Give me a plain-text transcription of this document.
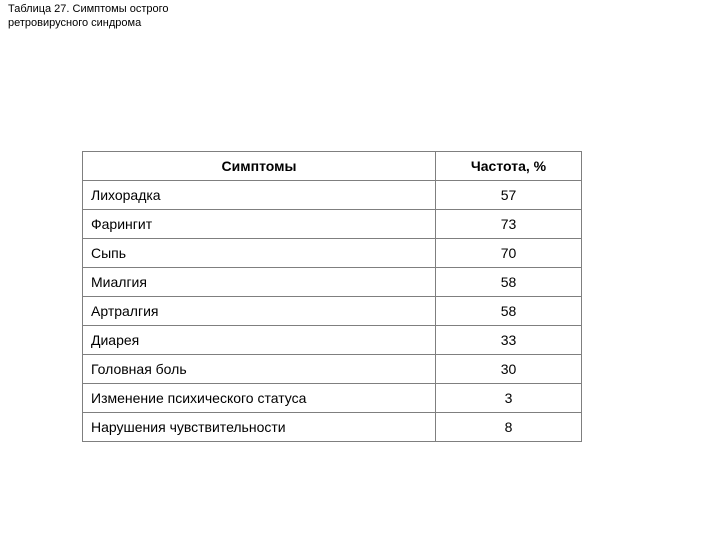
Таблица 27. Симптомы острого
ретровирусного синдрома
Симптомы	Частота, %
Лихорадка	57
Фарингит	73
Сыпь	70
Миалгия	58
Артралгия	58
Диарея	33
Головная боль	30
Изменение психического статуса	3
Нарушения чувствительности	8
